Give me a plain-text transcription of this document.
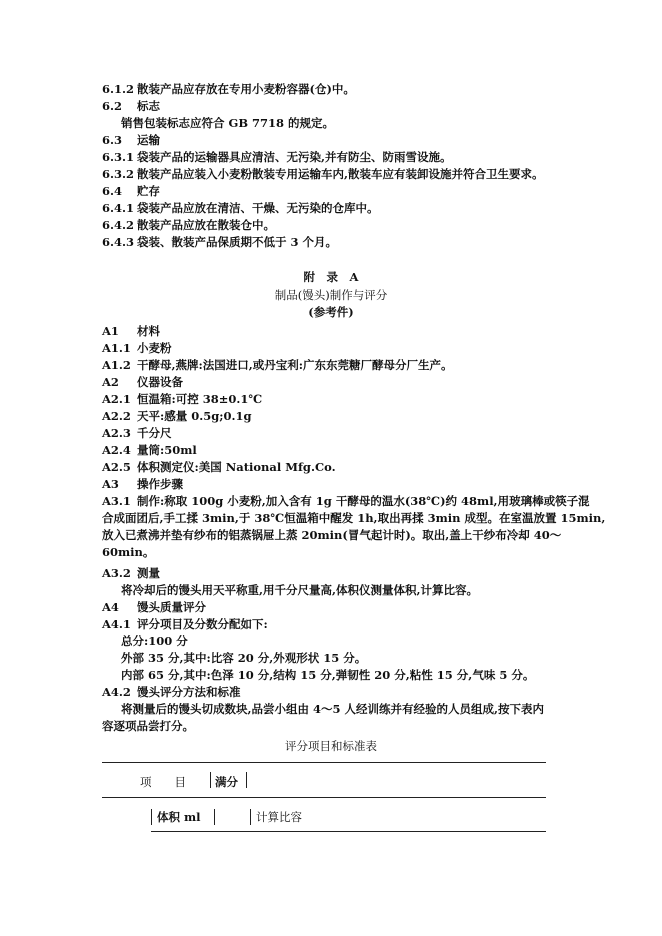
6.1.2 散装产品应存放在专用小麦粉容器(仓)中。
6.2 标志
销售包装标志应符合 GB 7718 的规定。
6.3 运输
6.3.1 袋装产品的运输器具应清洁、无污染,并有防尘、防雨雪设施。
6.3.2 散装产品应装入小麦粉散装专用运输车内,散装车应有装卸设施并符合卫生要求。
6.4 贮存
6.4.1 袋装产品应放在清洁、干燥、无污染的仓库中。
6.4.2 散装产品应放在散装仓中。
6.4.3 袋装、散装产品保质期不低于 3 个月。
附　录　A
制品(馒头)制作与评分
(参考件)
A1 材料
A1.1 小麦粉
A1.2 干酵母,燕牌:法国进口,或丹宝利:广东东莞糖厂酵母分厂生产。
A2 仪器设备
A2.1 恒温箱:可控 38±0.1℃
A2.2 天平:感量 0.5g;0.1g
A2.3 千分尺
A2.4 量筒:50ml
A2.5 体积测定仪:美国 National Mfg.Co.
A3 操作步骤
A3.1 制作:称取 100g 小麦粉,加入含有 1g 干酵母的温水(38℃)约 48ml,用玻璃棒或筷子混
合成面团后,手工揉 3min,于 38℃恒温箱中醒发 1h,取出再揉 3min 成型。在室温放置 15min,
放入已煮沸并垫有纱布的铝蒸锅屉上蒸 20min(冒气起计时)。取出,盖上干纱布冷却 40～
60min。
A3.2 测量
将冷却后的馒头用天平称重,用千分尺量高,体积仪测量体积,计算比容。
A4 馒头质量评分
A4.1 评分项目及分数分配如下:
总分:100 分
外部 35 分,其中:比容 20 分,外观形状 15 分。
内部 65 分,其中:色泽 10 分,结构 15 分,弹韧性 20 分,粘性 15 分,气味 5 分。
A4.2 馒头评分方法和标准
将测量后的馒头切成数块,品尝小组由 4～5 人经训练并有经验的人员组成,按下表内
容逐项品尝打分。
评分项目和标准表
项　　目	满分
体积 ml	计算比容
